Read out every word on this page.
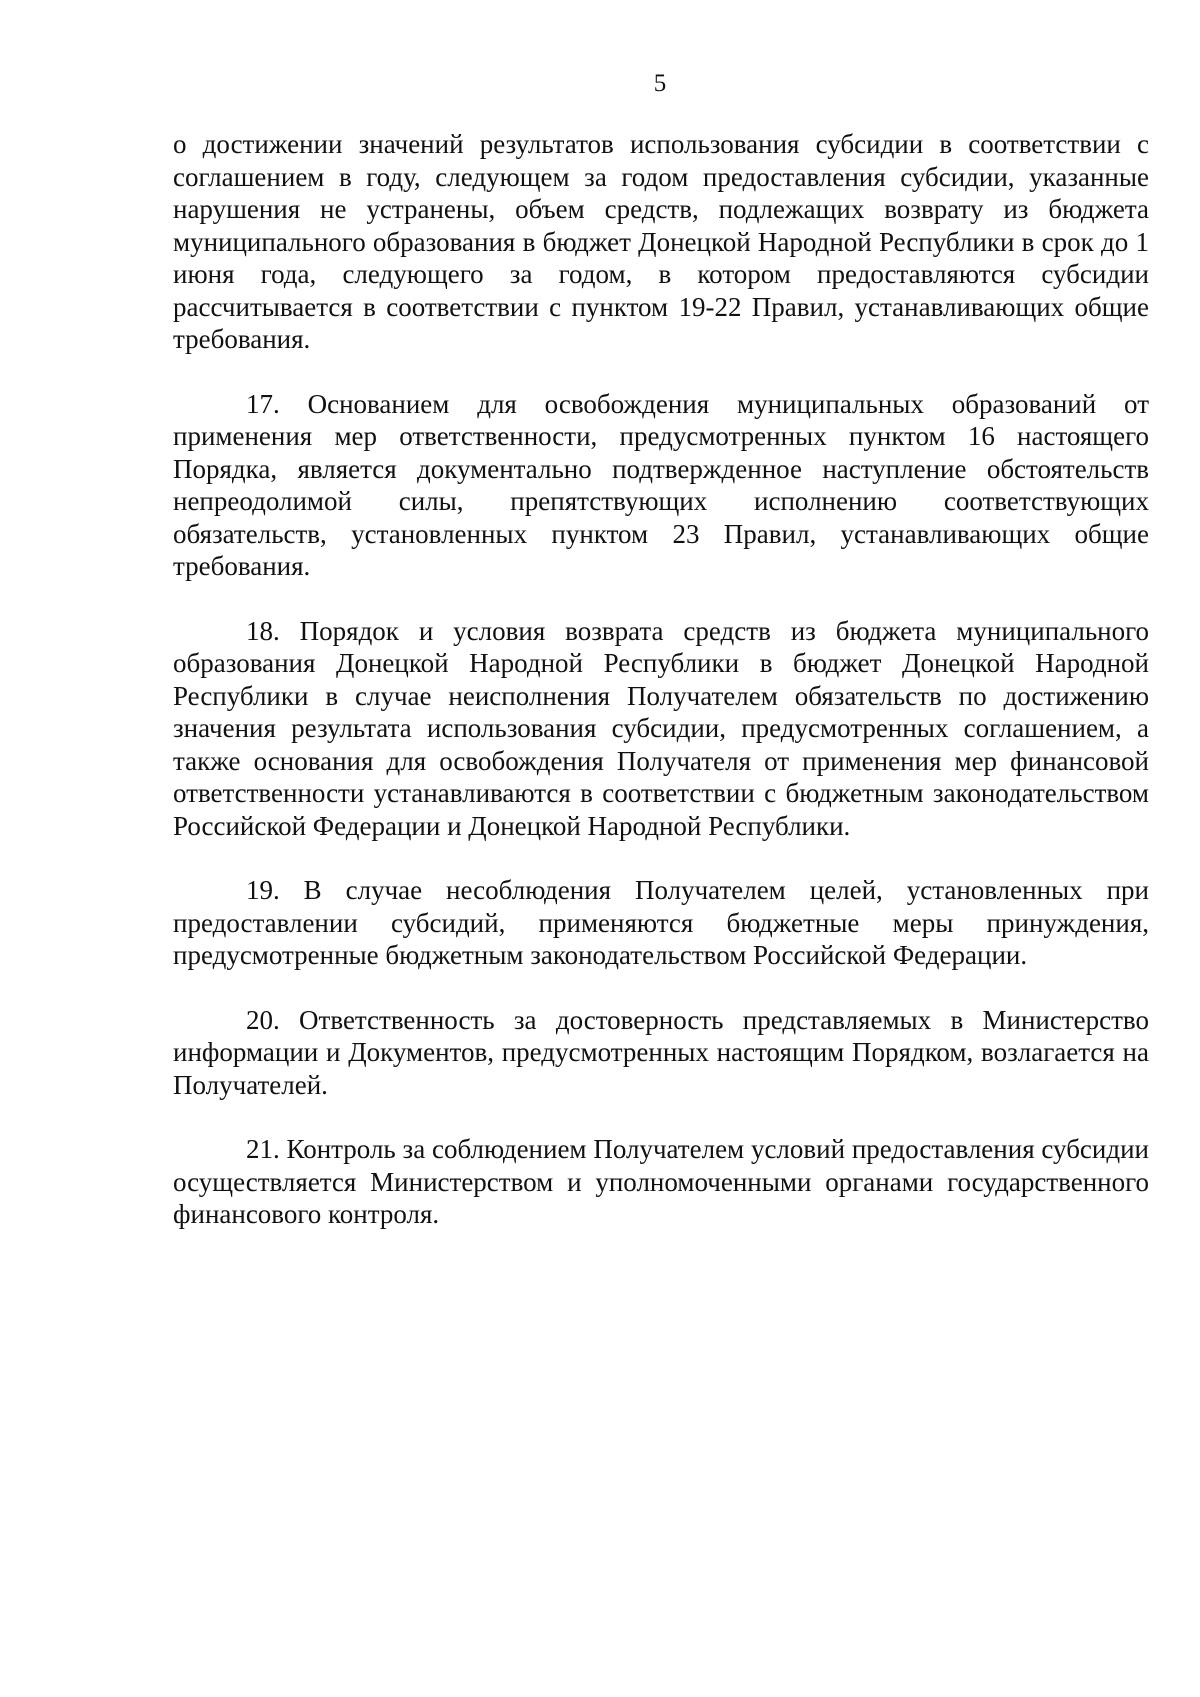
5

о достижении значений результатов использования субсидии в соответствии с соглашением в году, следующем за годом предоставления субсидии, указанные нарушения не устранены, объем средств, подлежащих возврату из бюджета муниципального образования в бюджет Донецкой Народной Республики в срок до 1 июня года, следующего за годом, в котором предоставляются субсидии рассчитывается в соответствии с пунктом 19-22 Правил, устанавливающих общие требования.

17. Основанием для освобождения муниципальных образований от применения мер ответственности, предусмотренных пунктом 16 настоящего Порядка, является документально подтвержденное наступление обстоятельств непреодолимой силы, препятствующих исполнению соответствующих обязательств, установленных пунктом 23 Правил, устанавливающих общие требования.

18. Порядок и условия возврата средств из бюджета муниципального образования Донецкой Народной Республики в бюджет Донецкой Народной Республики в случае неисполнения Получателем обязательств по достижению значения результата использования субсидии, предусмотренных соглашением, а также основания для освобождения Получателя от применения мер финансовой ответственности устанавливаются в соответствии с бюджетным законодательством Российской Федерации и Донецкой Народной Республики.

19. В случае несоблюдения Получателем целей, установленных при предоставлении субсидий, применяются бюджетные меры принуждения, предусмотренные бюджетным законодательством Российской Федерации.

20. Ответственность за достоверность представляемых в Министерство информации и Документов, предусмотренных настоящим Порядком, возлагается на Получателей.

21. Контроль за соблюдением Получателем условий предоставления субсидии осуществляется Министерством и уполномоченными органами государственного финансового контроля.
